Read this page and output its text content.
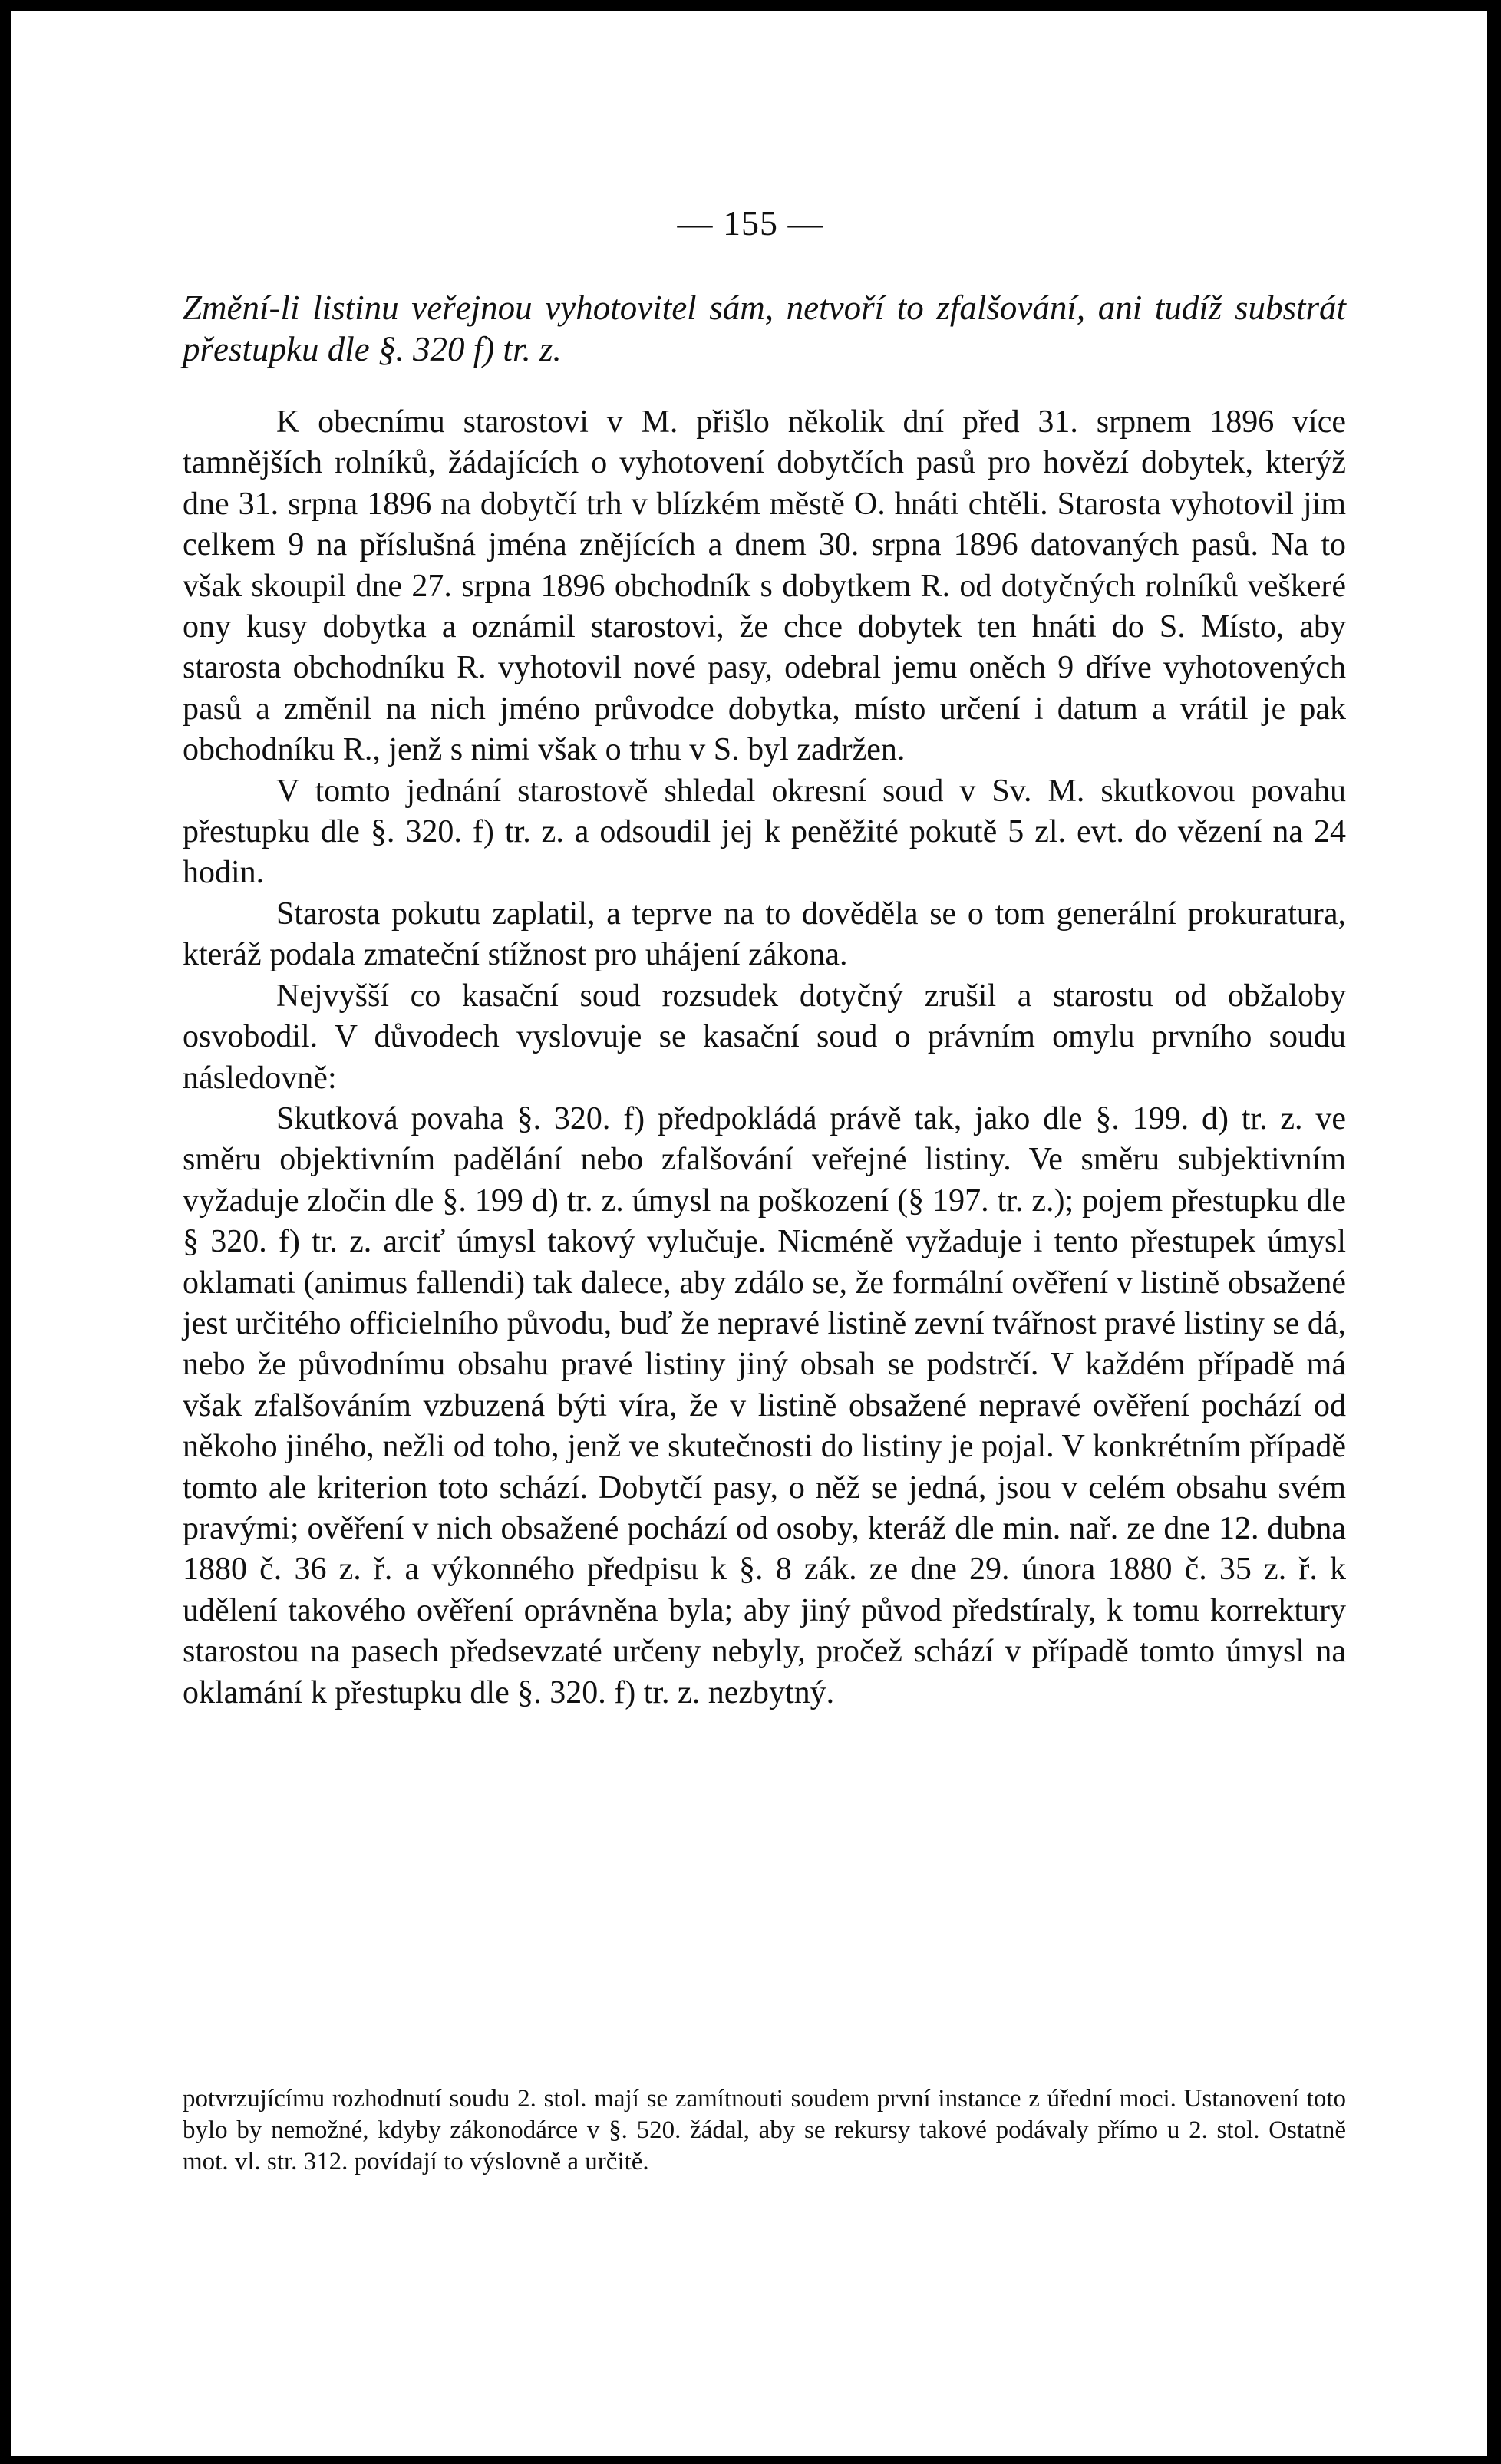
— 155 —

Změní-li listinu veřejnou vyhotovitel sám, netvoří to zfalšování, ani tudíž substrát přestupku dle §. 320 f) tr. z.

K obecnímu starostovi v M. přišlo několik dní před 31. srpnem 1896 více tamnějších rolníků, žádajících o vyhotovení dobytčích pasů pro hovězí dobytek, kterýž dne 31. srpna 1896 na dobytčí trh v blízkém městě O. hnáti chtěli. Starosta vyhotovil jim celkem 9 na příslušná jména znějících a dnem 30. srpna 1896 datovaných pasů. Na to však skoupil dne 27. srpna 1896 obchodník s dobytkem R. od dotyčných rolníků veškeré ony kusy dobytka a oznámil starostovi, že chce dobytek ten hnáti do S. Místo, aby starosta obchodníku R. vyhotovil nové pasy, odebral jemu oněch 9 dříve vyhotovených pasů a změnil na nich jméno průvodce dobytka, místo určení i datum a vrátil je pak obchodníku R., jenž s nimi však o trhu v S. byl zadržen.

V tomto jednání starostově shledal okresní soud v Sv. M. skutkovou povahu přestupku dle §. 320. f) tr. z. a odsoudil jej k peněžité pokutě 5 zl. evt. do vězení na 24 hodin.

Starosta pokutu zaplatil, a teprve na to dověděla se o tom generální prokuratura, kteráž podala zmateční stížnost pro uhájení zákona.

Nejvyšší co kasační soud rozsudek dotyčný zrušil a starostu od obžaloby osvobodil. V důvodech vyslovuje se kasační soud o právním omylu prvního soudu následovně:

Skutková povaha §. 320. f) předpokládá právě tak, jako dle §. 199. d) tr. z. ve směru objektivním padělání nebo zfalšování veřejné listiny. Ve směru subjektivním vyžaduje zločin dle §. 199 d) tr. z. úmysl na poškození (§ 197. tr. z.); pojem přestupku dle § 320. f) tr. z. arciť úmysl takový vylučuje. Nicméně vyžaduje i tento přestupek úmysl oklamati (animus fallendi) tak dalece, aby zdálo se, že formální ověření v listině obsažené jest určitého officielního původu, buď že nepravé listině zevní tvářnost pravé listiny se dá, nebo že původnímu obsahu pravé listiny jiný obsah se podstrčí. V každém případě má však zfalšováním vzbuzená býti víra, že v listině obsažené nepravé ověření pochází od někoho jiného, nežli od toho, jenž ve skutečnosti do listiny je pojal. V konkrétním případě tomto ale kriterion toto schází. Dobytčí pasy, o něž se jedná, jsou v celém obsahu svém pravými; ověření v nich obsažené pochází od osoby, kteráž dle min. nař. ze dne 12. dubna 1880 č. 36 z. ř. a výkonného předpisu k §. 8 zák. ze dne 29. února 1880 č. 35 z. ř. k udělení takového ověření oprávněna byla; aby jiný původ předstíraly, k tomu korrektury starostou na pasech předsevzaté určeny nebyly, pročež schází v případě tomto úmysl na oklamání k přestupku dle §. 320. f) tr. z. nezbytný.

potvrzujícímu rozhodnutí soudu 2. stol. mají se zamítnouti soudem první instance z úřední moci. Ustanovení toto bylo by nemožné, kdyby zákonodárce v §. 520. žádal, aby se rekursy takové podávaly přímo u 2. stol. Ostatně mot. vl. str. 312. povídají to výslovně a určitě.
